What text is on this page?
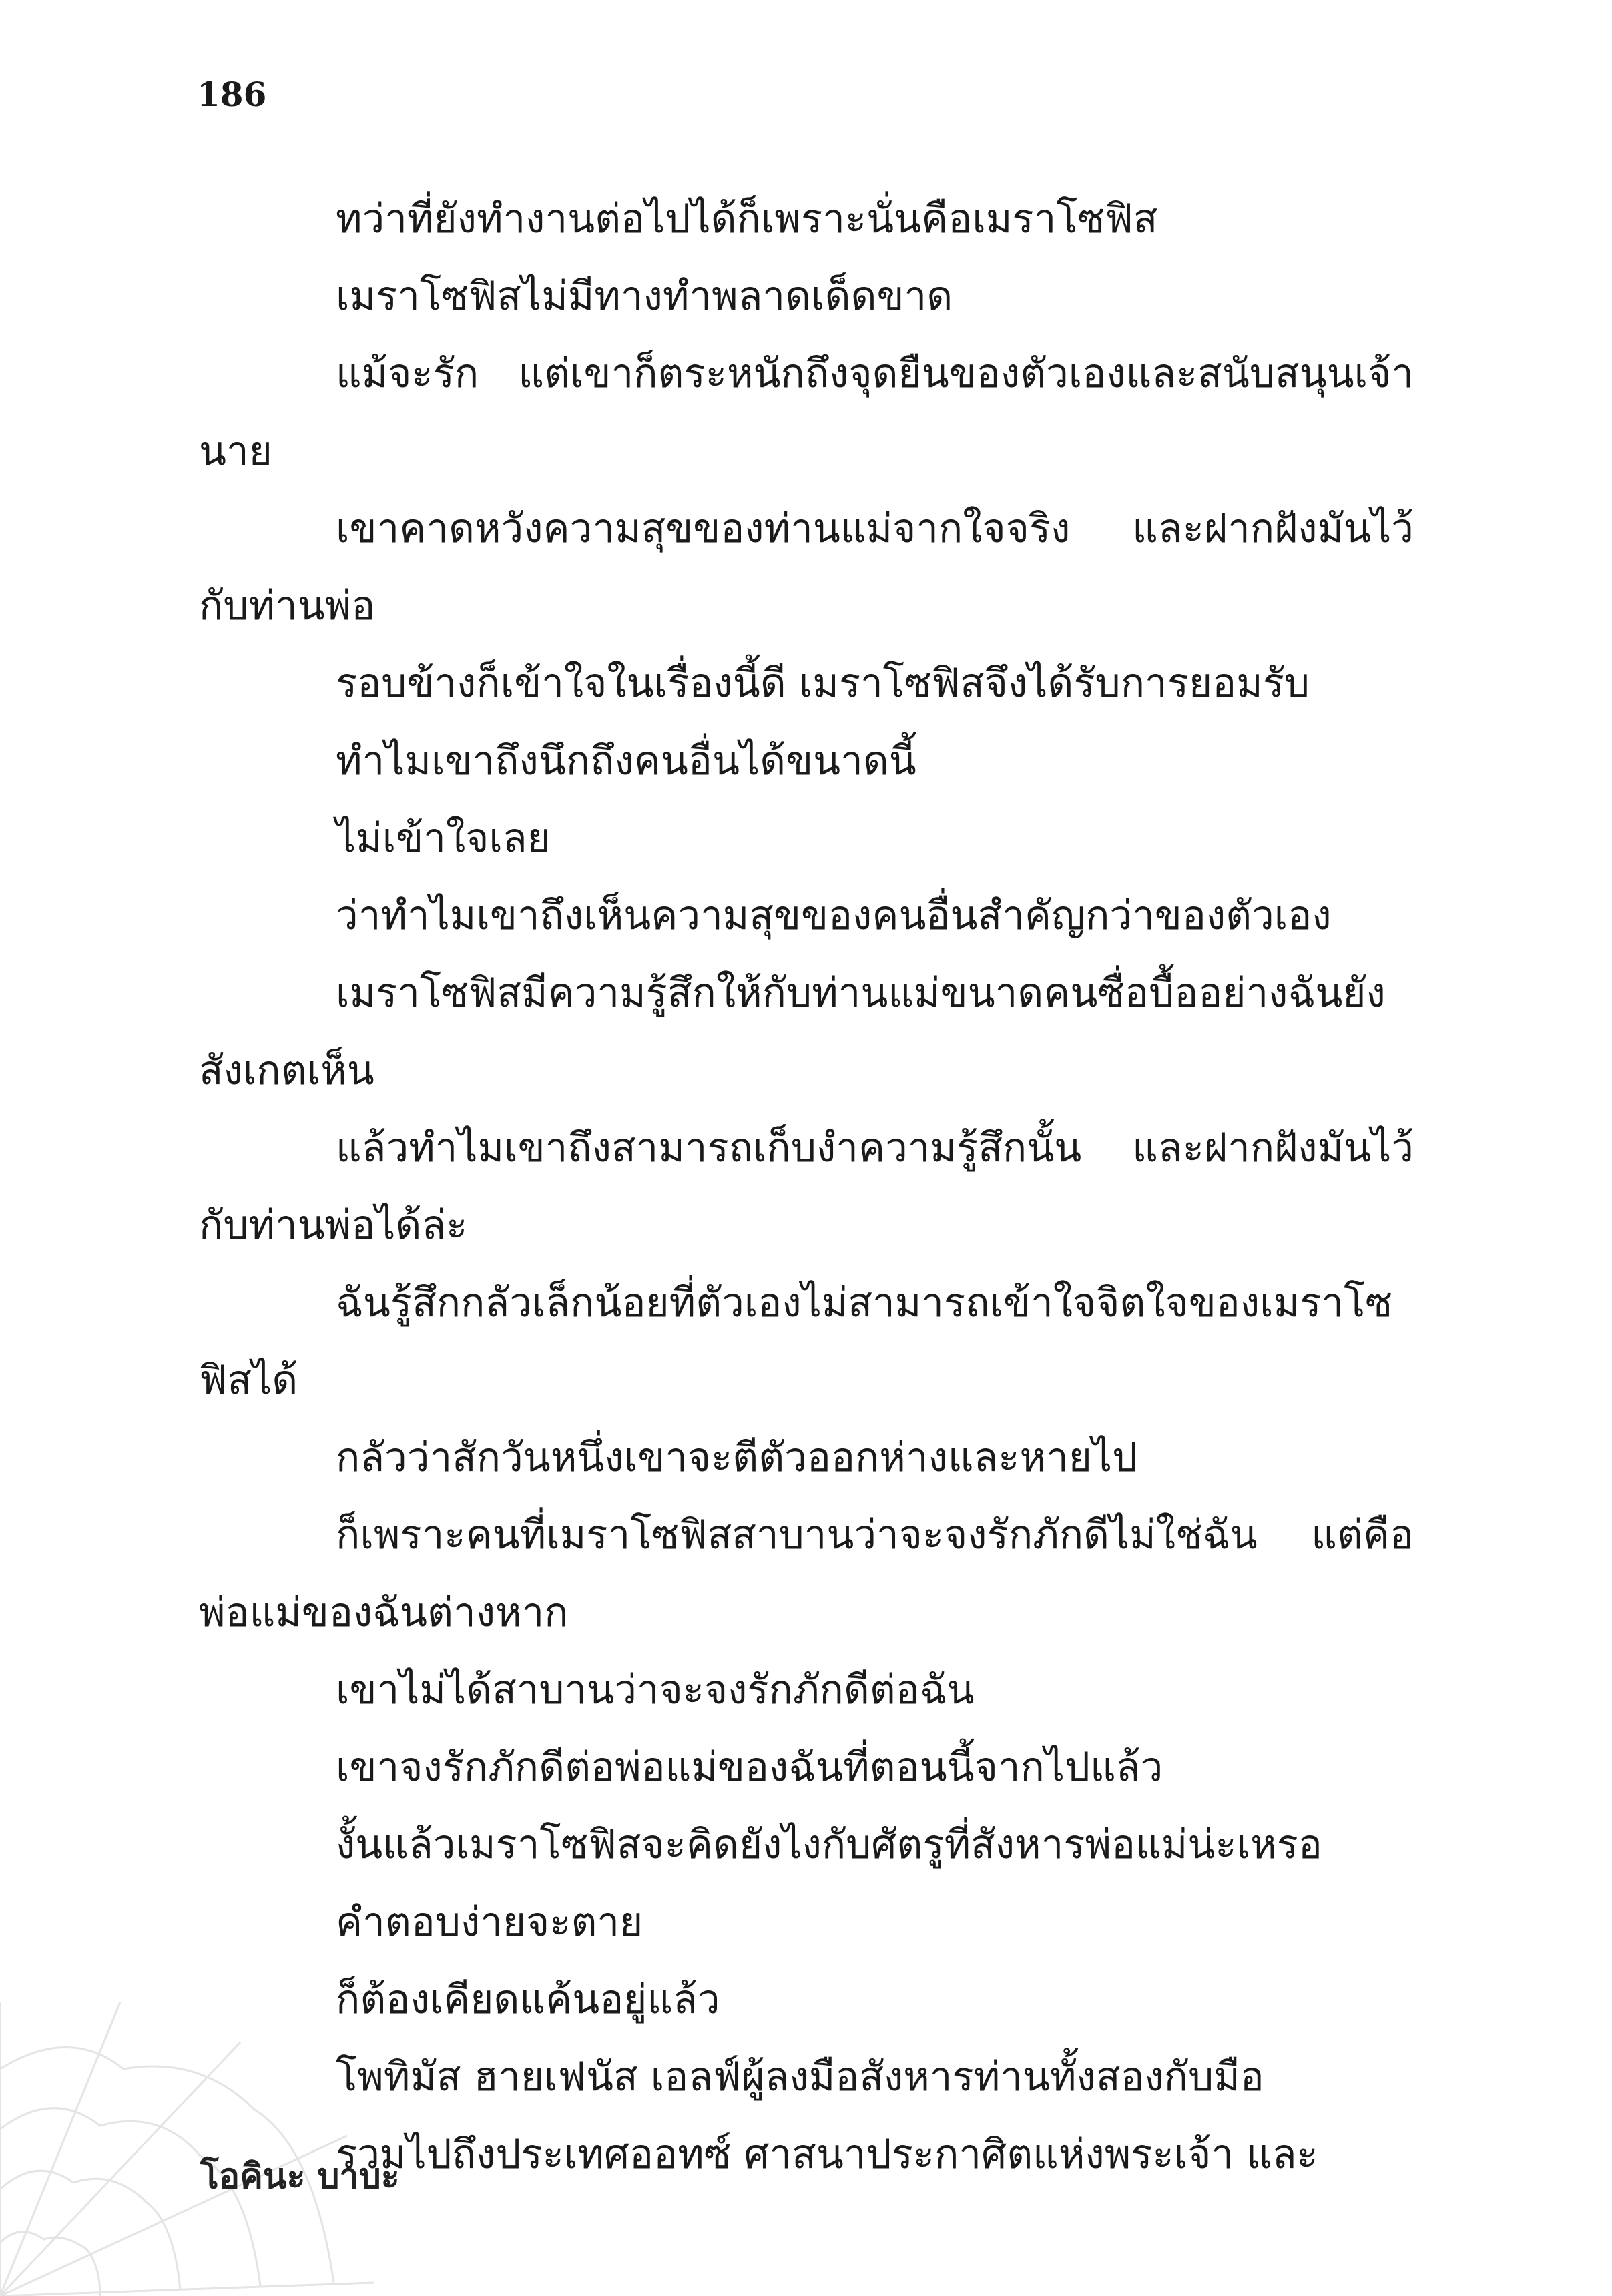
186

ทว่าที่ยังทำงานต่อไปได้ก็เพราะนั่นคือเมราโซฟิส

เมราโซฟิสไม่มีทางทำพลาดเด็ดขาด

แม้จะรัก แต่เขาก็ตระหนักถึงจุดยืนของตัวเองและสนับสนุนเจ้านาย

เขาคาดหวังความสุขของท่านแม่จากใจจริง และฝากฝังมันไว้กับท่านพ่อ

รอบข้างก็เข้าใจในเรื่องนี้ดี เมราโซฟิสจึงได้รับการยอมรับ

ทำไมเขาถึงนึกถึงคนอื่นได้ขนาดนี้

ไม่เข้าใจเลย

ว่าทำไมเขาถึงเห็นความสุขของคนอื่นสำคัญกว่าของตัวเอง

เมราโซฟิสมีความรู้สึกให้กับท่านแม่ขนาดคนซื่อบื้ออย่างฉันยังสังเกตเห็น

แล้วทำไมเขาถึงสามารถเก็บงำความรู้สึกนั้น และฝากฝังมันไว้กับท่านพ่อได้ล่ะ

ฉันรู้สึกกลัวเล็กน้อยที่ตัวเองไม่สามารถเข้าใจจิตใจของเมราโซฟิสได้

กลัวว่าสักวันหนึ่งเขาจะตีตัวออกห่างและหายไป

ก็เพราะคนที่เมราโซฟิสสาบานว่าจะจงรักภักดีไม่ใช่ฉัน แต่คือพ่อแม่ของฉันต่างหาก

เขาไม่ได้สาบานว่าจะจงรักภักดีต่อฉัน

เขาจงรักภักดีต่อพ่อแม่ของฉันที่ตอนนี้จากไปแล้ว

งั้นแล้วเมราโซฟิสจะคิดยังไงกับศัตรูที่สังหารพ่อแม่น่ะเหรอ

คำตอบง่ายจะตาย

ก็ต้องเคียดแค้นอยู่แล้ว

โพทิมัส ฮายเฟนัส เอลฟ์ผู้ลงมือสังหารท่านทั้งสองกับมือ

รวมไปถึงประเทศออทซ์ ศาสนาประกาศิตแห่งพระเจ้า และ

โอคินะ บาบะ
